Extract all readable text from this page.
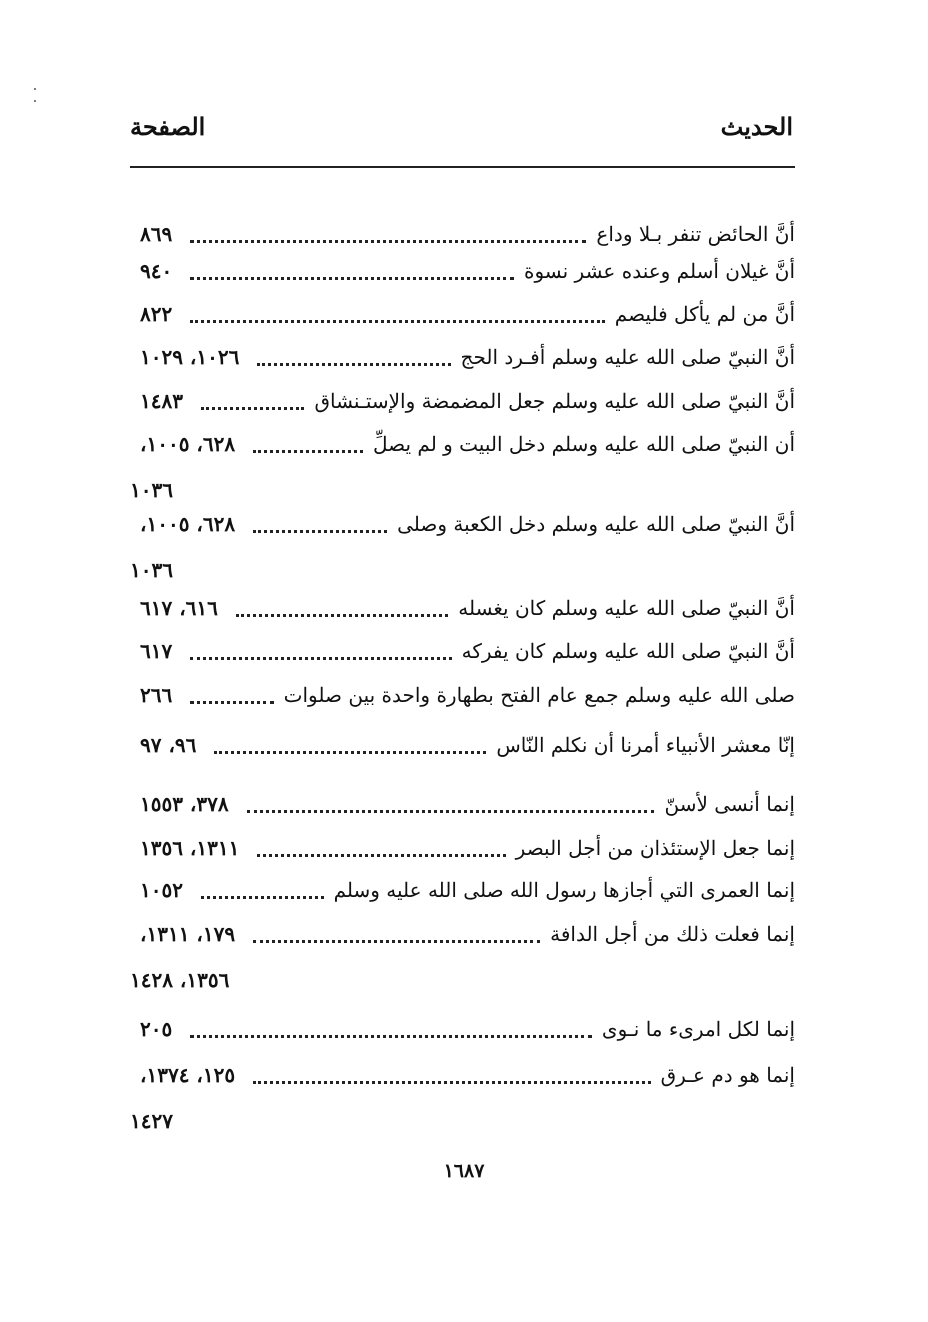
الحديث
الصفحة
أنَّ الحائض تنفر بـلا وداع
٨٦٩
أنَّ غيلان أسلم وعنده عشر نسوة
٩٤٠
أنَّ من لم يأكل فليصم
٨٢٢
أنَّ النبيّ صلى الله عليه وسلم أفـرد الحج
١٠٢٦، ١٠٢٩
أنَّ النبيّ صلى الله عليه وسلم جعل المضمضة والإستـنشاق
١٤٨٣
أن النبيّ صلى الله عليه وسلم دخل البيت و لم يصلِّ
٦٢٨، ١٠٠٥،
١٠٣٦
أنَّ النبيّ صلى الله عليه وسلم دخل الكعبة وصلى
٦٢٨، ١٠٠٥،
١٠٣٦
أنَّ النبيّ صلى الله عليه وسلم كان يغسله
٦١٦، ٦١٧
أنَّ النبيّ صلى الله عليه وسلم كان يفركه
٦١٧
صلى الله عليه وسلم جمع عام الفتح بطهارة واحدة بين صلوات
٢٦٦
إنّا معشر الأنبياء أمرنا أن نكلم النّاس
٩٦، ٩٧
إنما أنسى لأسنّ
٣٧٨، ١٥٥٣
إنما جعل الإستئذان من أجل البصر
١٣١١، ١٣٥٦
إنما العمرى التي أجازها رسول الله صلى الله عليه وسلم
١٠٥٢
إنما فعلت ذلك من أجل الدافة
١٧٩، ١٣١١،
١٣٥٦، ١٤٢٨
إنما لكل امرىء ما نـوى
٢٠٥
إنما هو دم عـرق
١٢٥، ١٣٧٤،
١٤٢٧
١٦٨٧
